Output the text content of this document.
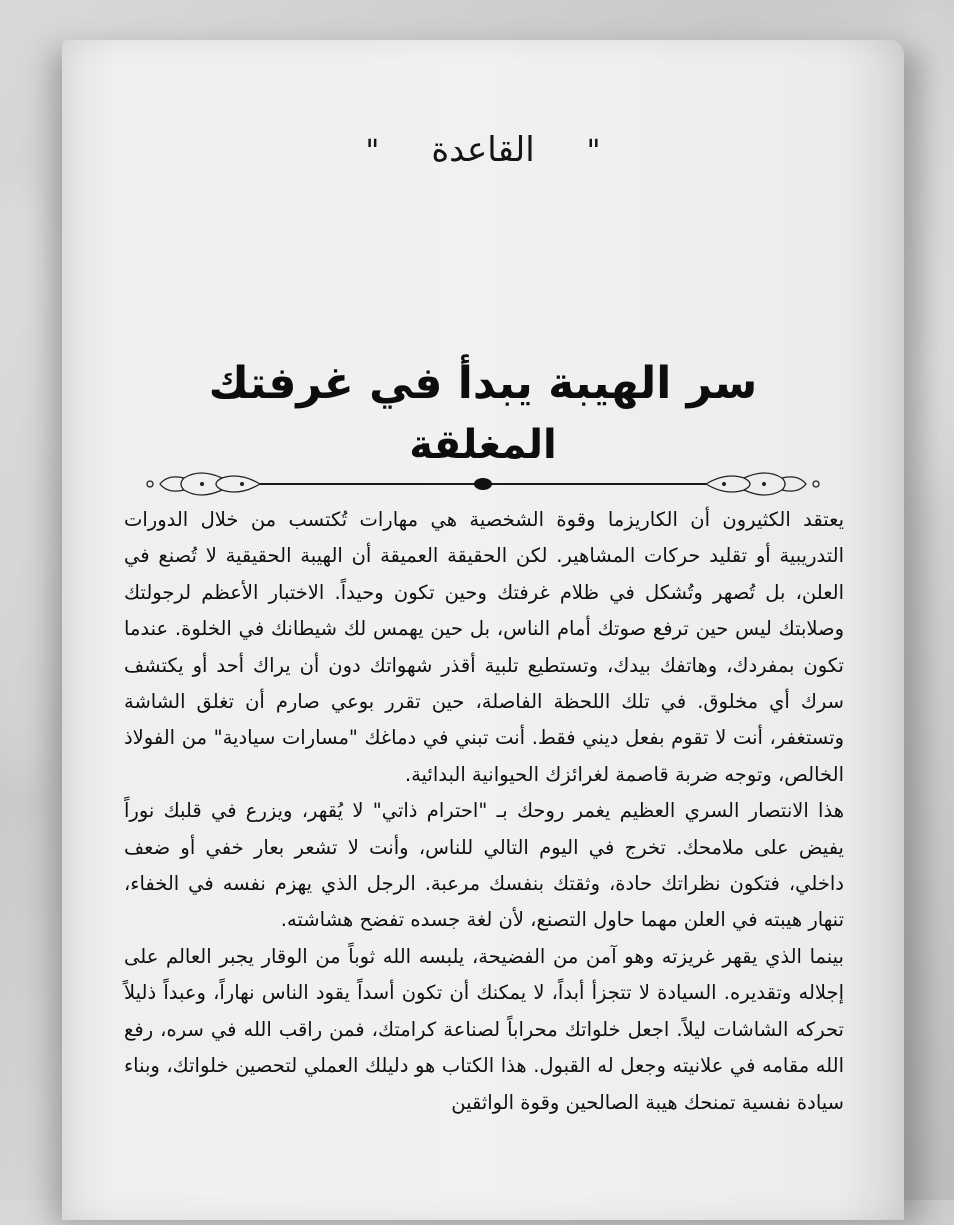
"القاعدة"
سر الهيبة يبدأ في غرفتك
المغلقة

يعتقد الكثيرون أن الكاريزما وقوة الشخصية هي مهارات تُكتسب من خلال الدورات التدريبية أو تقليد حركات المشاهير. لكن الحقيقة العميقة أن الهيبة الحقيقية لا تُصنع في العلن، بل تُصهر وتُشكل في ظلام غرفتك وحين تكون وحيداً. الاختبار الأعظم لرجولتك وصلابتك ليس حين ترفع صوتك أمام الناس، بل حين يهمس لك شيطانك في الخلوة. عندما تكون بمفردك، وهاتفك بيدك، وتستطيع تلبية أقذر شهواتك دون أن يراك أحد أو يكتشف سرك أي مخلوق. في تلك اللحظة الفاصلة، حين تقرر بوعي صارم أن تغلق الشاشة وتستغفر، أنت لا تقوم بفعل ديني فقط. أنت تبني في دماغك "مسارات سيادية" من الفولاذ الخالص، وتوجه ضربة قاصمة لغرائزك الحيوانية البدائية.

هذا الانتصار السري العظيم يغمر روحك بـ "احترام ذاتي" لا يُقهر، ويزرع في قلبك نوراً يفيض على ملامحك. تخرج في اليوم التالي للناس، وأنت لا تشعر بعار خفي أو ضعف داخلي، فتكون نظراتك حادة، وثقتك بنفسك مرعبة. الرجل الذي يهزم نفسه في الخفاء، تنهار هيبته في العلن مهما حاول التصنع، لأن لغة جسده تفضح هشاشته.

بينما الذي يقهر غريزته وهو آمن من الفضيحة، يلبسه الله ثوباً من الوقار يجبر العالم على إجلاله وتقديره. السيادة لا تتجزأ أبداً، لا يمكنك أن تكون أسداً يقود الناس نهاراً، وعبداً ذليلاً تحركه الشاشات ليلاً. اجعل خلواتك محراباً لصناعة كرامتك، فمن راقب الله في سره، رفع الله مقامه في علانيته وجعل له القبول. هذا الكتاب هو دليلك العملي لتحصين خلواتك، وبناء سيادة نفسية تمنحك هيبة الصالحين وقوة الواثقين
